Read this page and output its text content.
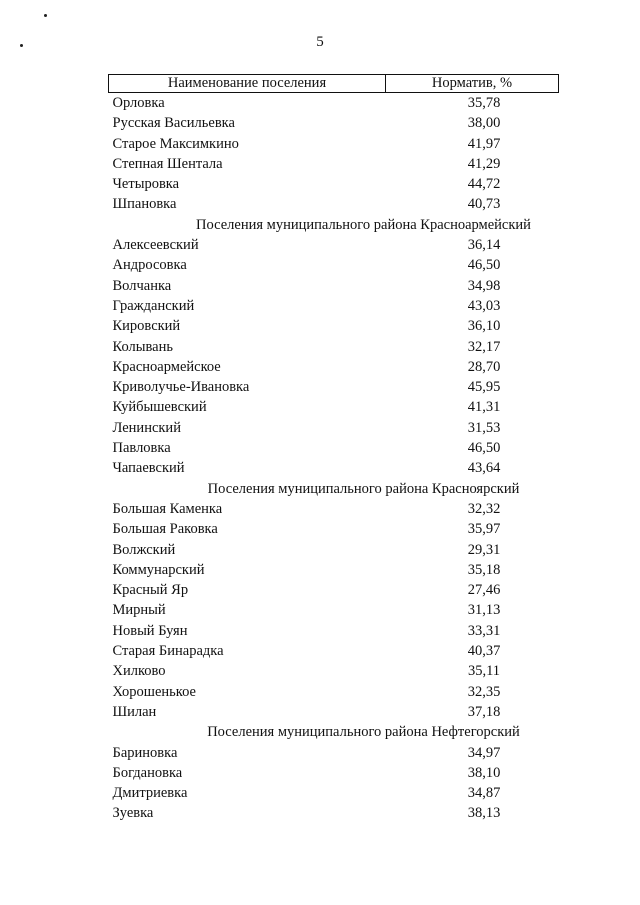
5
Наименование поселения	Норматив, %
Орловка	35,78
Русская Васильевка	38,00
Старое Максимкино	41,97
Степная Шентала	41,29
Четыровка	44,72
Шпановка	40,73
Поселения муниципального района Красноармейский	
Алексеевский	36,14
Андросовка	46,50
Волчанка	34,98
Гражданский	43,03
Кировский	36,10
Колывань	32,17
Красноармейское	28,70
Криволучье-Ивановка	45,95
Куйбышевский	41,31
Ленинский	31,53
Павловка	46,50
Чапаевский	43,64
Поселения муниципального района Красноярский	
Большая Каменка	32,32
Большая Раковка	35,97
Волжский	29,31
Коммунарский	35,18
Красный Яр	27,46
Мирный	31,13
Новый Буян	33,31
Старая Бинарадка	40,37
Хилково	35,11
Хорошенькое	32,35
Шилан	37,18
Поселения муниципального района Нефтегорский	
Бариновка	34,97
Богдановка	38,10
Дмитриевка	34,87
Зуевка	38,13
